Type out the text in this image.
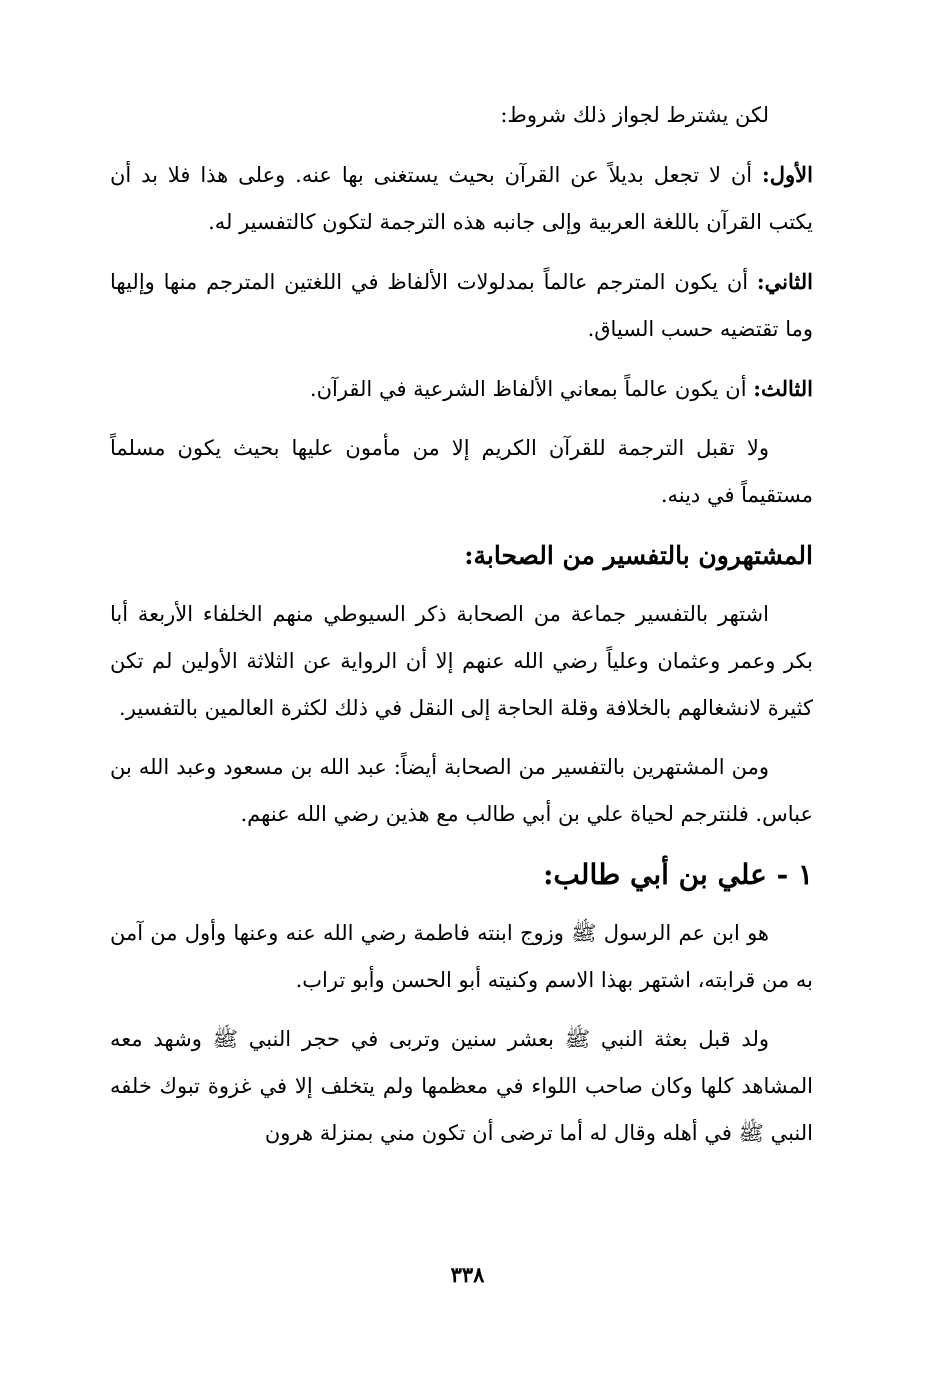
لكن يشترط لجواز ذلك شروط:

الأول: أن لا تجعل بديلاً عن القرآن بحيث يستغنى بها عنه. وعلى هذا فلا بد أن يكتب القرآن باللغة العربية وإلى جانبه هذه الترجمة لتكون كالتفسير له.

الثاني: أن يكون المترجم عالماً بمدلولات الألفاظ في اللغتين المترجم منها وإليها وما تقتضيه حسب السياق.

الثالث: أن يكون عالماً بمعاني الألفاظ الشرعية في القرآن.

ولا تقبل الترجمة للقرآن الكريم إلا من مأمون عليها بحيث يكون مسلماً مستقيماً في دينه.

المشتهرون بالتفسير من الصحابة:

اشتهر بالتفسير جماعة من الصحابة ذكر السيوطي منهم الخلفاء الأربعة أبا بكر وعمر وعثمان وعلياً رضي الله عنهم إلا أن الرواية عن الثلاثة الأولين لم تكن كثيرة لانشغالهم بالخلافة وقلة الحاجة إلى النقل في ذلك لكثرة العالمين بالتفسير.

ومن المشتهرين بالتفسير من الصحابة أيضاً: عبد الله بن مسعود وعبد الله بن عباس. فلنترجم لحياة علي بن أبي طالب مع هذين رضي الله عنهم.

١ - علي بن أبي طالب:

هو ابن عم الرسول ﷺ وزوج ابنته فاطمة رضي الله عنه وعنها وأول من آمن به من قرابته، اشتهر بهذا الاسم وكنيته أبو الحسن وأبو تراب.

ولد قبل بعثة النبي ﷺ بعشر سنين وتربى في حجر النبي ﷺ وشهد معه المشاهد كلها وكان صاحب اللواء في معظمها ولم يتخلف إلا في غزوة تبوك خلفه النبي ﷺ في أهله وقال له أما ترضى أن تكون مني بمنزلة هرون

٣٣٨
